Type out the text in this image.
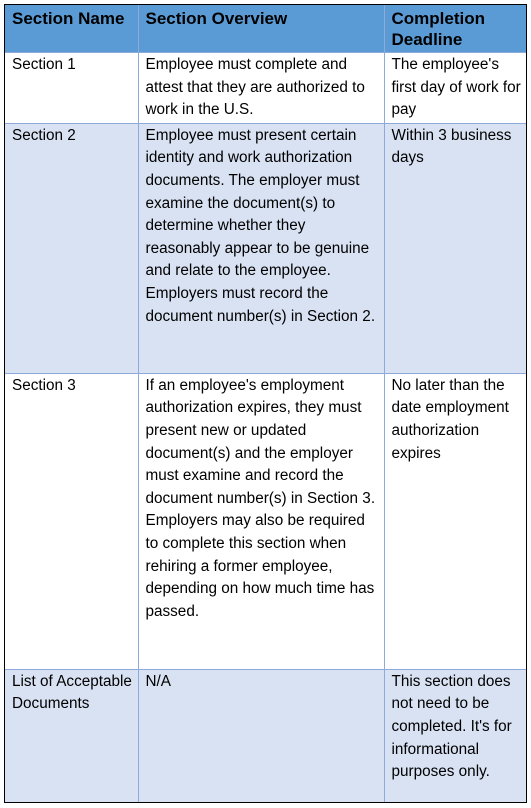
Section Name	Section Overview	Completion Deadline
Section 1	Employee must complete and attest that they are authorized to work in the U.S.	The employee's first day of work for pay
Section 2	Employee must present certain identity and work authorization documents. The employer must examine the document(s) to determine whether they reasonably appear to be genuine and relate to the employee. Employers must record the document number(s) in Section 2.	Within 3 business days
Section 3	If an employee's employment authorization expires, they must present new or updated document(s) and the employer must examine and record the document number(s) in Section 3. Employers may also be required to complete this section when rehiring a former employee, depending on how much time has passed.	No later than the date employment authorization expires
List of Acceptable Documents	N/A	This section does not need to be completed. It's for informational purposes only.
